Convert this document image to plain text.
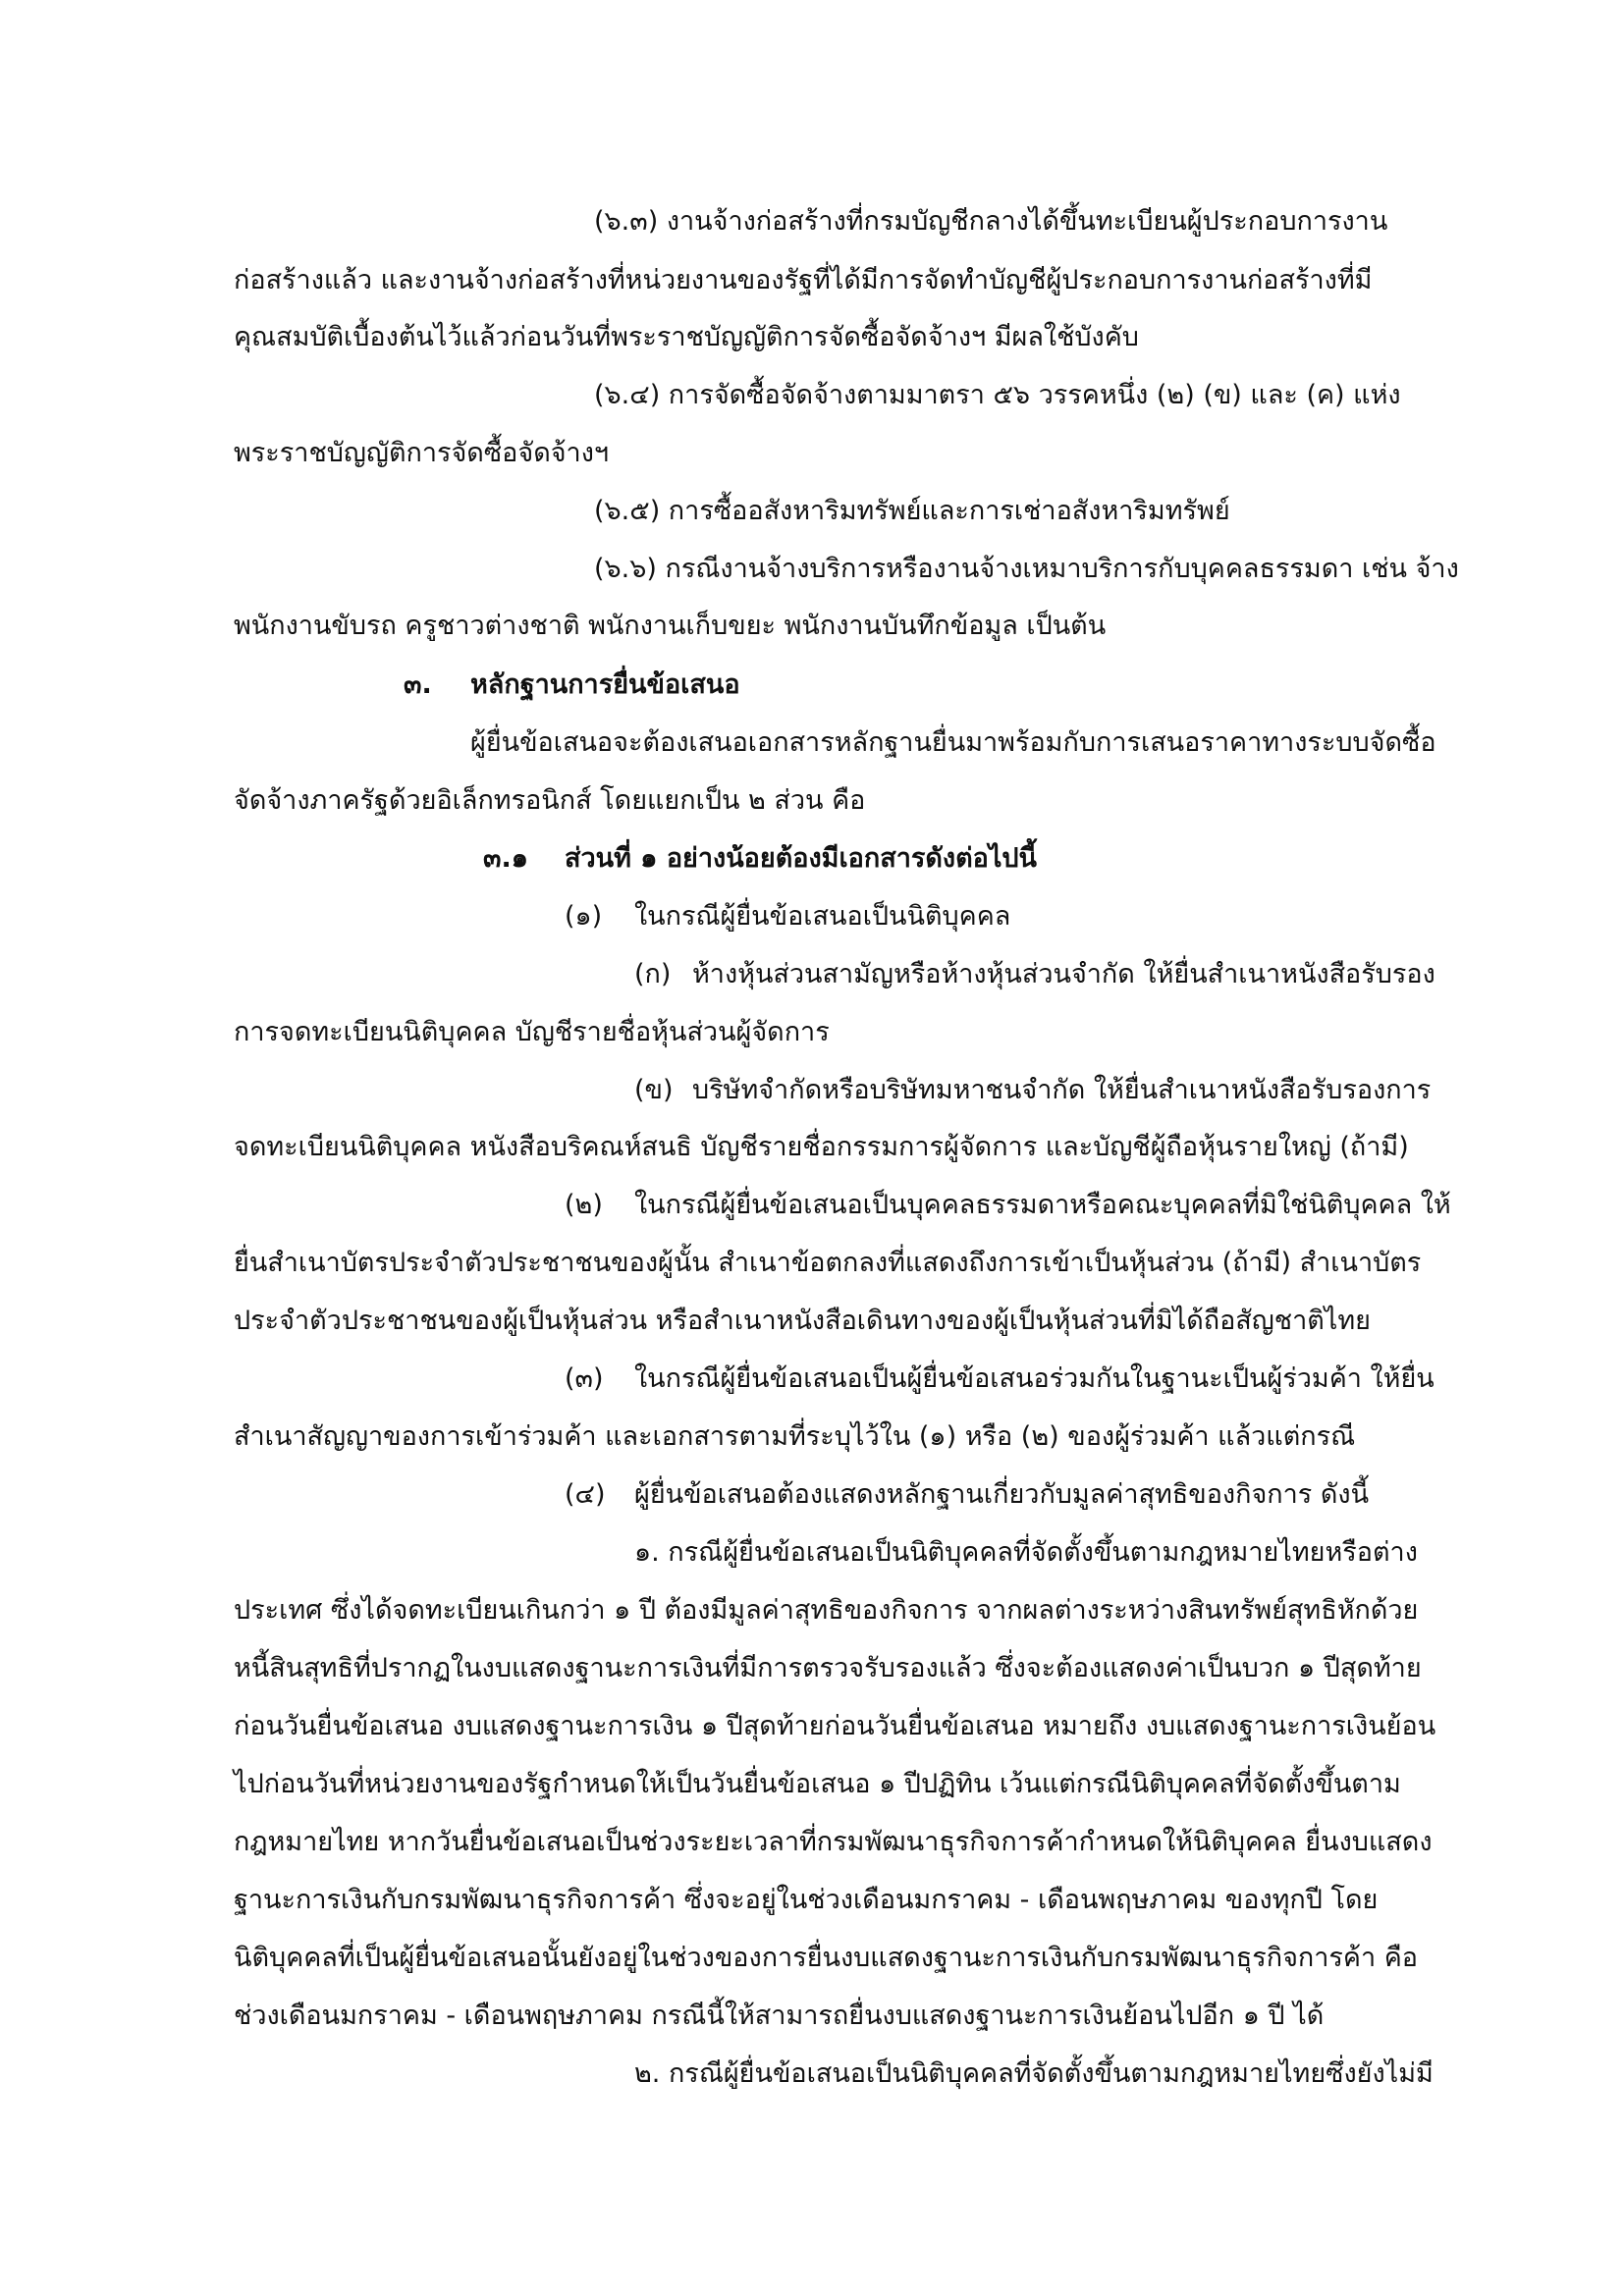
(๖.๓) งานจ้างก่อสร้างที่กรมบัญชีกลางได้ขึ้นทะเบียนผู้ประกอบการงาน
ก่อสร้างแล้ว และงานจ้างก่อสร้างที่หน่วยงานของรัฐที่ได้มีการจัดทำบัญชีผู้ประกอบการงานก่อสร้างที่มี
คุณสมบัติเบื้องต้นไว้แล้วก่อนวันที่พระราชบัญญัติการจัดซื้อจัดจ้างฯ มีผลใช้บังคับ
(๖.๔) การจัดซื้อจัดจ้างตามมาตรา ๕๖ วรรคหนึ่ง (๒) (ข) และ (ค) แห่ง
พระราชบัญญัติการจัดซื้อจัดจ้างฯ
(๖.๕) การซื้ออสังหาริมทรัพย์และการเช่าอสังหาริมทรัพย์
(๖.๖) กรณีงานจ้างบริการหรืองานจ้างเหมาบริการกับบุคคลธรรมดา เช่น จ้าง
พนักงานขับรถ ครูชาวต่างชาติ พนักงานเก็บขยะ พนักงานบันทึกข้อมูล เป็นต้น
๓. หลักฐานการยื่นข้อเสนอ
ผู้ยื่นข้อเสนอจะต้องเสนอเอกสารหลักฐานยื่นมาพร้อมกับการเสนอราคาทางระบบจัดซื้อ
จัดจ้างภาครัฐด้วยอิเล็กทรอนิกส์ โดยแยกเป็น ๒ ส่วน คือ
๓.๑ ส่วนที่ ๑ อย่างน้อยต้องมีเอกสารดังต่อไปนี้
(๑) ในกรณีผู้ยื่นข้อเสนอเป็นนิติบุคคล
(ก) ห้างหุ้นส่วนสามัญหรือห้างหุ้นส่วนจำกัด ให้ยื่นสำเนาหนังสือรับรอง
การจดทะเบียนนิติบุคคล บัญชีรายชื่อหุ้นส่วนผู้จัดการ
(ข) บริษัทจำกัดหรือบริษัทมหาชนจำกัด ให้ยื่นสำเนาหนังสือรับรองการ
จดทะเบียนนิติบุคคล หนังสือบริคณห์สนธิ บัญชีรายชื่อกรรมการผู้จัดการ และบัญชีผู้ถือหุ้นรายใหญ่ (ถ้ามี)
(๒) ในกรณีผู้ยื่นข้อเสนอเป็นบุคคลธรรมดาหรือคณะบุคคลที่มิใช่นิติบุคคล ให้
ยื่นสำเนาบัตรประจำตัวประชาชนของผู้นั้น สำเนาข้อตกลงที่แสดงถึงการเข้าเป็นหุ้นส่วน (ถ้ามี) สำเนาบัตร
ประจำตัวประชาชนของผู้เป็นหุ้นส่วน หรือสำเนาหนังสือเดินทางของผู้เป็นหุ้นส่วนที่มิได้ถือสัญชาติไทย
(๓) ในกรณีผู้ยื่นข้อเสนอเป็นผู้ยื่นข้อเสนอร่วมกันในฐานะเป็นผู้ร่วมค้า ให้ยื่น
สำเนาสัญญาของการเข้าร่วมค้า และเอกสารตามที่ระบุไว้ใน (๑) หรือ (๒) ของผู้ร่วมค้า แล้วแต่กรณี
(๔) ผู้ยื่นข้อเสนอต้องแสดงหลักฐานเกี่ยวกับมูลค่าสุทธิของกิจการ ดังนี้
๑. กรณีผู้ยื่นข้อเสนอเป็นนิติบุคคลที่จัดตั้งขึ้นตามกฎหมายไทยหรือต่าง
ประเทศ ซึ่งได้จดทะเบียนเกินกว่า ๑ ปี ต้องมีมูลค่าสุทธิของกิจการ จากผลต่างระหว่างสินทรัพย์สุทธิหักด้วย
หนี้สินสุทธิที่ปรากฏในงบแสดงฐานะการเงินที่มีการตรวจรับรองแล้ว ซึ่งจะต้องแสดงค่าเป็นบวก ๑ ปีสุดท้าย
ก่อนวันยื่นข้อเสนอ งบแสดงฐานะการเงิน ๑ ปีสุดท้ายก่อนวันยื่นข้อเสนอ หมายถึง งบแสดงฐานะการเงินย้อน
ไปก่อนวันที่หน่วยงานของรัฐกำหนดให้เป็นวันยื่นข้อเสนอ ๑ ปีปฏิทิน เว้นแต่กรณีนิติบุคคลที่จัดตั้งขึ้นตาม
กฎหมายไทย หากวันยื่นข้อเสนอเป็นช่วงระยะเวลาที่กรมพัฒนาธุรกิจการค้ากำหนดให้นิติบุคคล ยื่นงบแสดง
ฐานะการเงินกับกรมพัฒนาธุรกิจการค้า ซึ่งจะอยู่ในช่วงเดือนมกราคม - เดือนพฤษภาคม ของทุกปี โดย
นิติบุคคลที่เป็นผู้ยื่นข้อเสนอนั้นยังอยู่ในช่วงของการยื่นงบแสดงฐานะการเงินกับกรมพัฒนาธุรกิจการค้า คือ
ช่วงเดือนมกราคม - เดือนพฤษภาคม กรณีนี้ให้สามารถยื่นงบแสดงฐานะการเงินย้อนไปอีก ๑ ปี ได้
๒. กรณีผู้ยื่นข้อเสนอเป็นนิติบุคคลที่จัดตั้งขึ้นตามกฎหมายไทยซึ่งยังไม่มี
